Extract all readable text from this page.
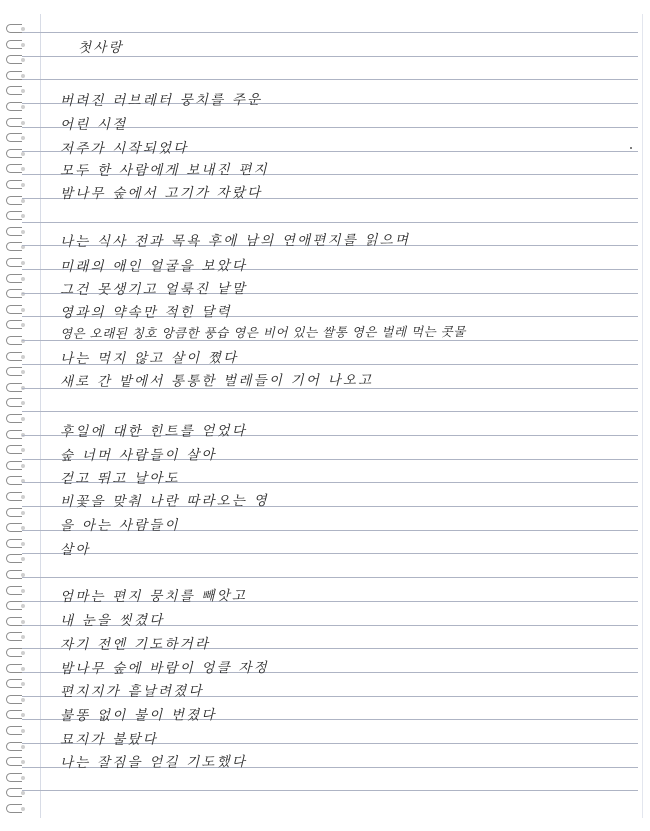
첫사랑
버려진 러브레터 뭉치를 주운
어린 시절
저주가 시작되었다
모두 한 사람에게 보내진 편지
밤나무 숲에서 고기가 자랐다
나는 식사 전과 목욕 후에 남의 연애편지를 읽으며
미래의 애인 얼굴을 보았다
그건 못생기고 얼룩진 낱말
영과의 약속만 적힌 달력
영은 오래된 칭호 앙큼한 풍습 영은 비어 있는 쌀통 영은 벌레 먹는 콧물
나는 먹지 않고 살이 쪘다
새로 간 밭에서 통통한 벌레들이 기어 나오고
후일에 대한 힌트를 얻었다
숲 너머 사람들이 살아
걷고 뛰고 날아도
비꽃을 맞춰 나란 따라오는 영
을 아는 사람들이
살아
엄마는 편지 뭉치를 빼앗고
내 눈을 씻겼다
자기 전엔 기도하거라
밤나무 숲에 바람이 엉클 자정
편지지가 흩날려졌다
불똥 없이 불이 번졌다
묘지가 불탔다
나는 잘짐을 얻길 기도했다
